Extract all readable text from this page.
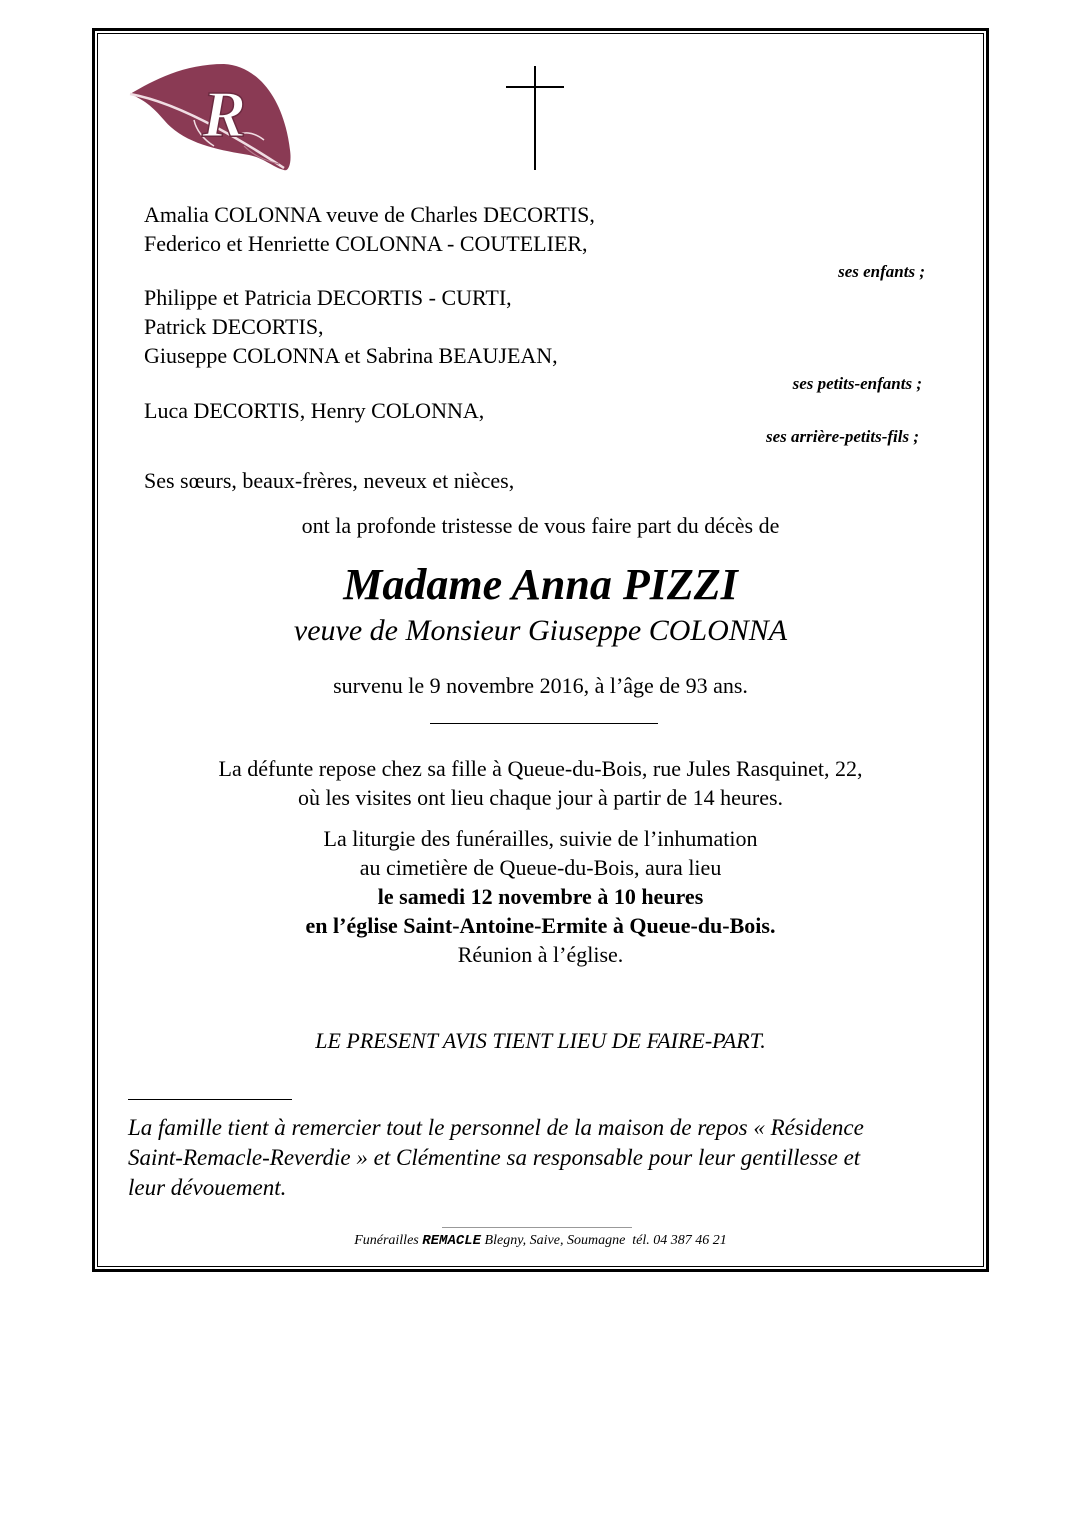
R
Amalia COLONNA veuve de Charles DECORTIS,
Federico et Henriette COLONNA - COUTELIER,
ses enfants ;
Philippe et Patricia DECORTIS - CURTI,
Patrick DECORTIS,
Giuseppe COLONNA et Sabrina BEAUJEAN,
ses petits-enfants ;
Luca DECORTIS, Henry COLONNA,
ses arrière-petits-fils ;
Ses sœurs, beaux-frères, neveux et nièces,
ont la profonde tristesse de vous faire part du décès de
Madame Anna PIZZI
veuve de Monsieur Giuseppe COLONNA
survenu le 9 novembre 2016, à l’âge de 93 ans.
La défunte repose chez sa fille à Queue-du-Bois, rue Jules Rasquinet, 22,
où les visites ont lieu chaque jour à partir de 14 heures.
La liturgie des funérailles, suivie de l’inhumation
au cimetière de Queue-du-Bois, aura lieu
le samedi 12 novembre à 10 heures
en l’église Saint-Antoine-Ermite à Queue-du-Bois.
Réunion à l’église.
LE PRESENT AVIS TIENT LIEU DE FAIRE-PART.
La famille tient à remercier tout le personnel de la maison de repos « Résidence
Saint-Remacle-Reverdie » et Clémentine sa responsable pour leur gentillesse et
leur dévouement.
Funérailles REMACLE Blegny, Saive, Soumagne tél. 04 387 46 21
